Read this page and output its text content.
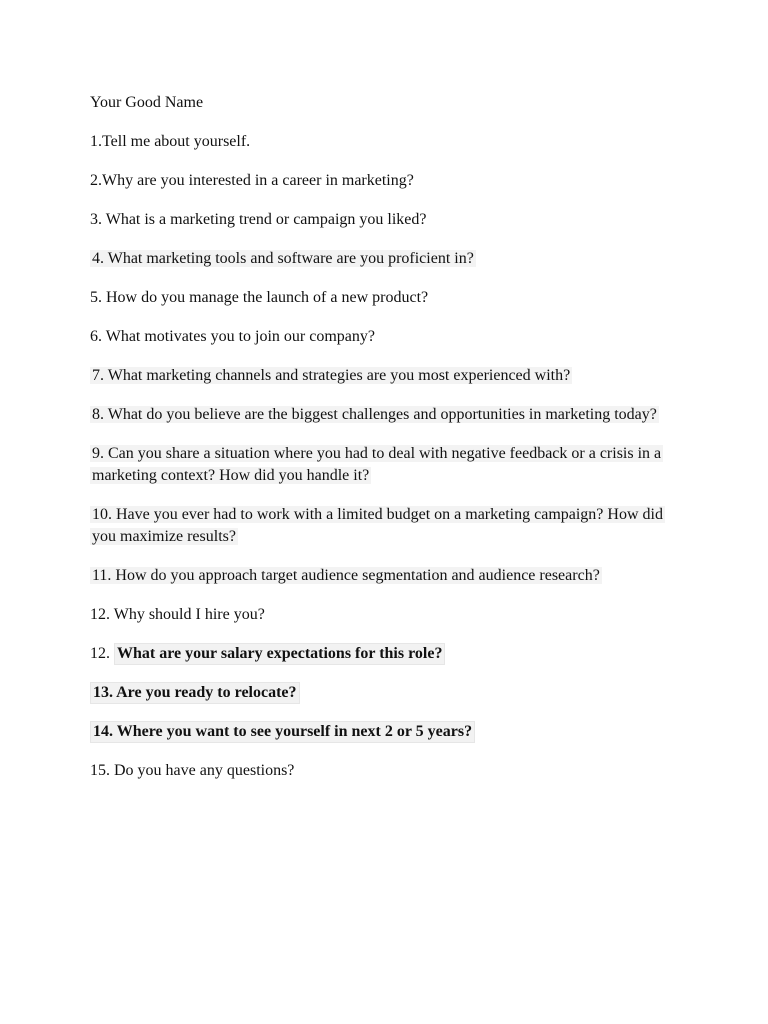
Your Good Name

1.Tell me about yourself.

2.Why are you interested in a career in marketing?

3. What is a marketing trend or campaign you liked?

4. What marketing tools and software are you proficient in?

5. How do you manage the launch of a new product?

6. What motivates you to join our company?

7. What marketing channels and strategies are you most experienced with?

8. What do you believe are the biggest challenges and opportunities in marketing today?

9. Can you share a situation where you had to deal with negative feedback or a crisis in a marketing context? How did you handle it?

10. Have you ever had to work with a limited budget on a marketing campaign? How did you maximize results?

11. How do you approach target audience segmentation and audience research?

12. Why should I hire you?

12. What are your salary expectations for this role?

13. Are you ready to relocate?

14. Where you want to see yourself in next 2 or 5 years?

15. Do you have any questions?
